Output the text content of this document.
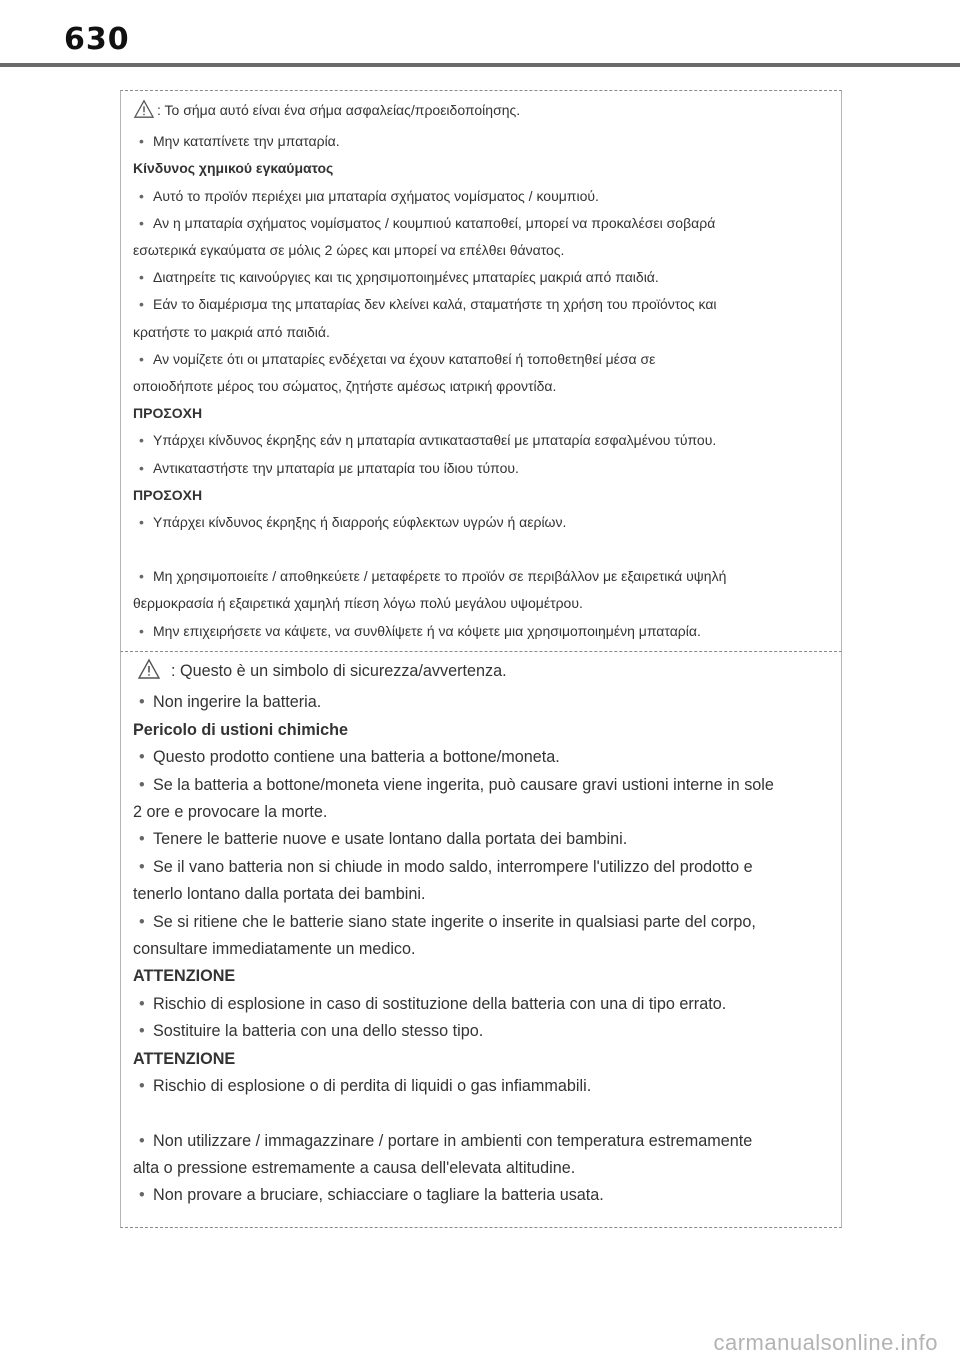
630
: Το σήμα αυτό είναι ένα σήμα ασφαλείας/προειδοποίησης.
• Μην καταπίνετε την μπαταρία.
Κίνδυνος χημικού εγκαύματος
• Αυτό το προϊόν περιέχει μια μπαταρία σχήματος νομίσματος / κουμπιού.
• Αν η μπαταρία σχήματος νομίσματος / κουμπιού καταποθεί, μπορεί να προκαλέσει σοβαρά
εσωτερικά εγκαύματα σε μόλις 2 ώρες και μπορεί να επέλθει θάνατος.
• Διατηρείτε τις καινούργιες και τις χρησιμοποιημένες μπαταρίες μακριά από παιδιά.
• Εάν το διαμέρισμα της μπαταρίας δεν κλείνει καλά, σταματήστε τη χρήση του προϊόντος και
κρατήστε το μακριά από παιδιά.
• Αν νομίζετε ότι οι μπαταρίες ενδέχεται να έχουν καταποθεί ή τοποθετηθεί μέσα σε
οποιοδήποτε μέρος του σώματος, ζητήστε αμέσως ιατρική φροντίδα.
ΠΡΟΣΟΧΗ
• Υπάρχει κίνδυνος έκρηξης εάν η μπαταρία αντικατασταθεί με μπαταρία εσφαλμένου τύπου.
• Αντικαταστήστε την μπαταρία με μπαταρία του ίδιου τύπου.
ΠΡΟΣΟΧΗ
• Υπάρχει κίνδυνος έκρηξης ή διαρροής εύφλεκτων υγρών ή αερίων.
• Μη χρησιμοποιείτε / αποθηκεύετε / μεταφέρετε το προϊόν σε περιβάλλον με εξαιρετικά υψηλή
θερμοκρασία ή εξαιρετικά χαμηλή πίεση λόγω πολύ μεγάλου υψομέτρου.
• Μην επιχειρήσετε να κάψετε, να συνθλίψετε ή να κόψετε μια χρησιμοποιημένη μπαταρία.
: Questo è un simbolo di sicurezza/avvertenza.
• Non ingerire la batteria.
Pericolo di ustioni chimiche
• Questo prodotto contiene una batteria a bottone/moneta.
• Se la batteria a bottone/moneta viene ingerita, può causare gravi ustioni interne in sole
2 ore e provocare la morte.
• Tenere le batterie nuove e usate lontano dalla portata dei bambini.
• Se il vano batteria non si chiude in modo saldo, interrompere l'utilizzo del prodotto e
tenerlo lontano dalla portata dei bambini.
• Se si ritiene che le batterie siano state ingerite o inserite in qualsiasi parte del corpo,
consultare immediatamente un medico.
ATTENZIONE
• Rischio di esplosione in caso di sostituzione della batteria con una di tipo errato.
• Sostituire la batteria con una dello stesso tipo.
ATTENZIONE
• Rischio di esplosione o di perdita di liquidi o gas infiammabili.
• Non utilizzare / immagazzinare / portare in ambienti con temperatura estremamente
alta o pressione estremamente a causa dell'elevata altitudine.
• Non provare a bruciare, schiacciare o tagliare la batteria usata.
carmanualsonline.info
